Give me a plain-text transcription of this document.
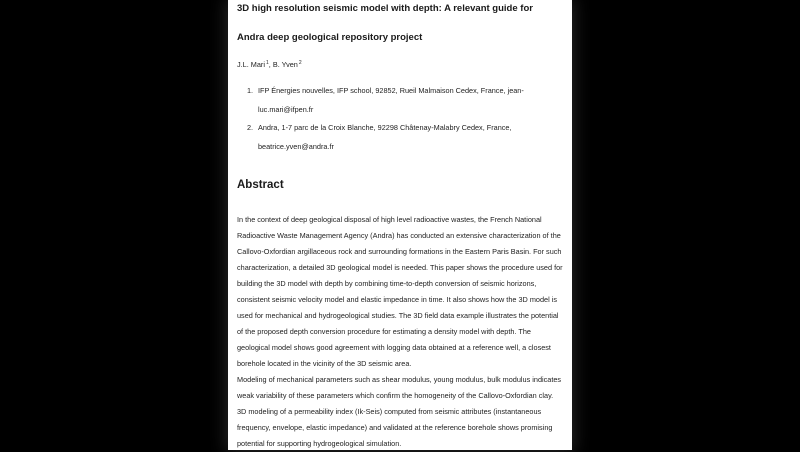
3D high resolution seismic model with depth: A relevant guide for
Andra deep geological repository project
J.L. Mari$^1$, B. Yven$^2$
1. IFP Énergies nouvelles, IFP school, 92852, Rueil Malmaison Cedex, France, jean-luc.mari@ifpen.fr
2. Andra, 1-7 parc de la Croix Blanche, 92298 Châtenay-Malabry Cedex, France, beatrice.yven@andra.fr
Abstract

In the context of deep geological disposal of high level radioactive wastes, the French National Radioactive Waste Management Agency (Andra) has conducted an extensive characterization of the Callovo-Oxfordian argillaceous rock and surrounding formations in the Eastern Paris Basin. For such characterization, a detailed 3D geological model is needed. This paper shows the procedure used for building the 3D model with depth by combining time-to-depth conversion of seismic horizons, consistent seismic velocity model and elastic impedance in time. It also shows how the 3D model is used for mechanical and hydrogeological studies. The 3D field data example illustrates the potential of the proposed depth conversion procedure for estimating a density model with depth. The geological model shows good agreement with logging data obtained at a reference well, a closest borehole located in the vicinity of the 3D seismic area.

Modeling of mechanical parameters such as shear modulus, young modulus, bulk modulus indicates weak variability of these parameters which confirm the homogeneity of the Callovo-Oxfordian clay. 3D modeling of a permeability index (Ik-Seis) computed from seismic attributes (instantaneous frequency, envelope, elastic impedance) and validated at the reference borehole shows promising potential for supporting hydrogeological simulation.
